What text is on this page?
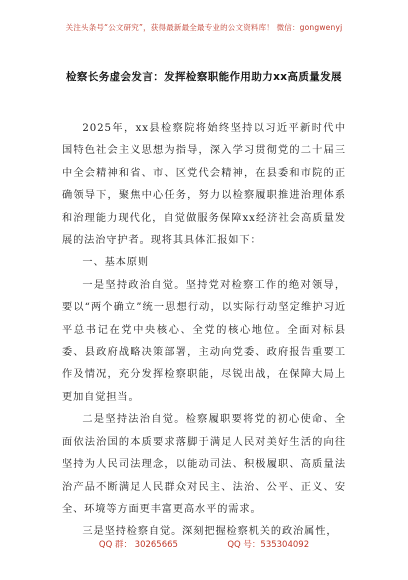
关注头条号“公文研究”，获得最新最全最专业的公文资料库！ 微信：gongwenyj
检察长务虚会发言：发挥检察职能作用助力xx高质量发展

2025年，xx县检察院将始终坚持以习近平新时代中国特色社会主义思想为指导，深入学习贯彻党的二十届三中全会精神和省、市、区党代会精神，在县委和市院的正确领导下，聚焦中心任务，努力以检察履职推进治理体系和治理能力现代化，自觉做服务保障xx经济社会高质量发展的法治守护者。现将其具体汇报如下：

一、基本原则

一是坚持政治自觉。坚持党对检察工作的绝对领导，要以“两个确立”统一思想行动，以实际行动坚定维护习近平总书记在党中央核心、全党的核心地位。全面对标县委、县政府战略决策部署，主动向党委、政府报告重要工作及情况，充分发挥检察职能，尽锐出战，在保障大局上更加自觉担当。

二是坚持法治自觉。检察履职要将党的初心使命、全面依法治国的本质要求落脚于满足人民对美好生活的向往坚持为人民司法理念，以能动司法、积极履职、高质量法治产品不断满足人民群众对民主、法治、公平、正义、安全、环境等方面更丰富更高水平的需求。

三是坚持检察自觉。深刻把握检察机关的政治属性，

QQ 群： 30265665	QQ 号：535304092
